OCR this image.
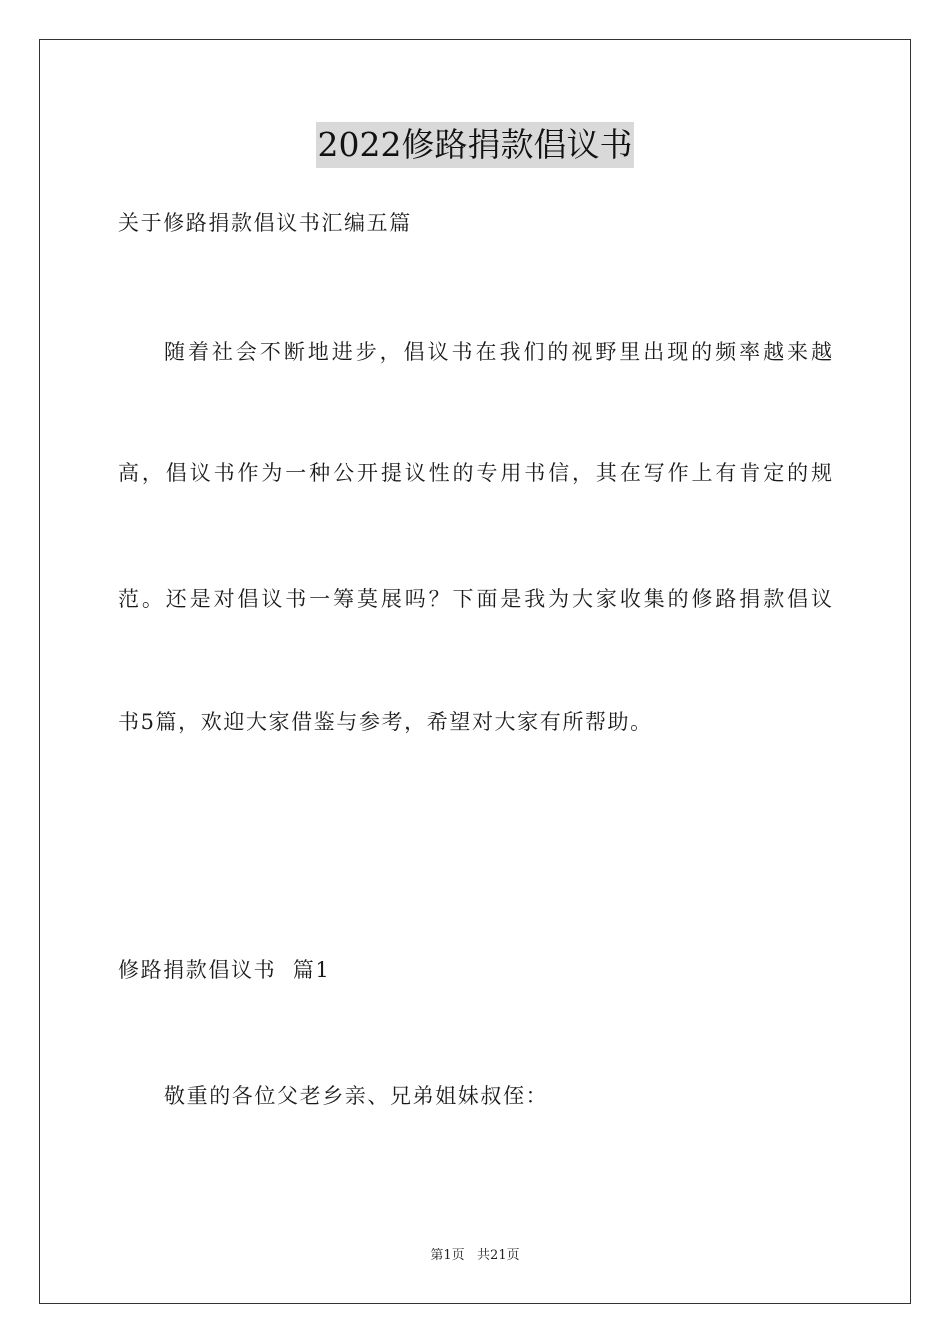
2022修路捐款倡议书
关于修路捐款倡议书汇编五篇
随着社会不断地进步，倡议书在我们的视野里出现的频率越来越
高，倡议书作为一种公开提议性的专用书信，其在写作上有肯定的规
范。还是对倡议书一筹莫展吗？下面是我为大家收集的修路捐款倡议
书5篇，欢迎大家借鉴与参考，希望对大家有所帮助。
修路捐款倡议书  篇1
敬重的各位父老乡亲、兄弟姐妹叔侄：
第1页   共21页
